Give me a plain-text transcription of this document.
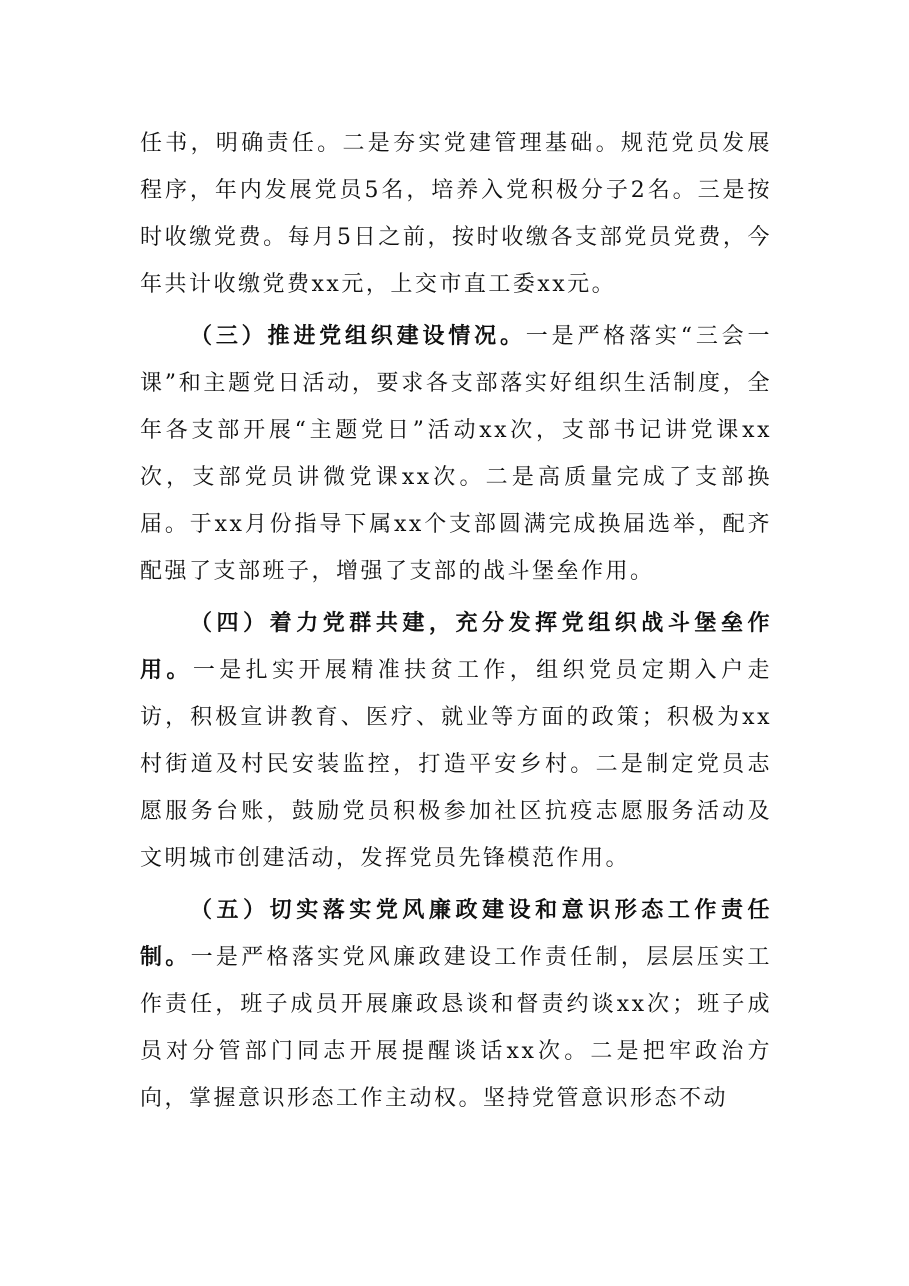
任书，明确责任。二是夯实党建管理基础。规范党员发展程序，年内发展党员5名，培养入党积极分子2名。三是按时收缴党费。每月5日之前，按时收缴各支部党员党费，今年共计收缴党费xx元，上交市直工委xx元。

（三）推进党组织建设情况。一是严格落实“三会一课”和主题党日活动，要求各支部落实好组织生活制度，全年各支部开展“主题党日”活动xx次，支部书记讲党课xx次，支部党员讲微党课xx次。二是高质量完成了支部换届。于xx月份指导下属xx个支部圆满完成换届选举，配齐配强了支部班子，增强了支部的战斗堡垒作用。

（四）着力党群共建，充分发挥党组织战斗堡垒作用。一是扎实开展精准扶贫工作，组织党员定期入户走访，积极宣讲教育、医疗、就业等方面的政策；积极为xx村街道及村民安装监控，打造平安乡村。二是制定党员志愿服务台账，鼓励党员积极参加社区抗疫志愿服务活动及文明城市创建活动，发挥党员先锋模范作用。

（五）切实落实党风廉政建设和意识形态工作责任制。一是严格落实党风廉政建设工作责任制，层层压实工作责任，班子成员开展廉政恳谈和督责约谈xx次；班子成员对分管部门同志开展提醒谈话xx次。二是把牢政治方向，掌握意识形态工作主动权。坚持党管意识形态不动
